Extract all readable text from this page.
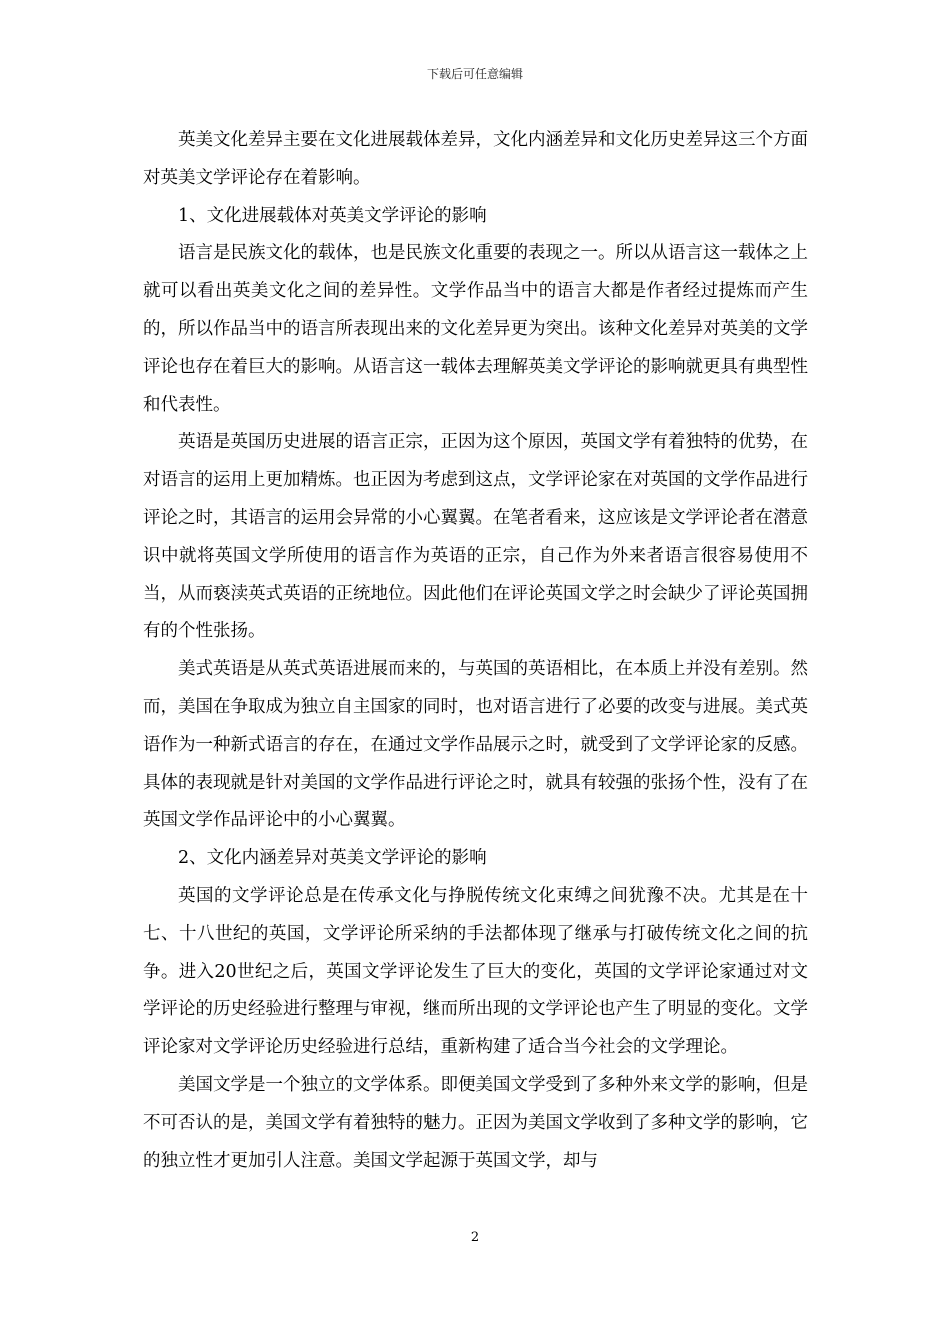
下载后可任意编辑

英美文化差异主要在文化进展载体差异，文化内涵差异和文化历史差异这三个方面对英美文学评论存在着影响。

1、文化进展载体对英美文学评论的影响

语言是民族文化的载体，也是民族文化重要的表现之一。所以从语言这一载体之上就可以看出英美文化之间的差异性。文学作品当中的语言大都是作者经过提炼而产生的，所以作品当中的语言所表现出来的文化差异更为突出。该种文化差异对英美的文学评论也存在着巨大的影响。从语言这一载体去理解英美文学评论的影响就更具有典型性和代表性。

英语是英国历史进展的语言正宗，正因为这个原因，英国文学有着独特的优势，在对语言的运用上更加精炼。也正因为考虑到这点，文学评论家在对英国的文学作品进行评论之时，其语言的运用会异常的小心翼翼。在笔者看来，这应该是文学评论者在潜意识中就将英国文学所使用的语言作为英语的正宗，自己作为外来者语言很容易使用不当，从而亵渎英式英语的正统地位。因此他们在评论英国文学之时会缺少了评论英国拥有的个性张扬。

美式英语是从英式英语进展而来的，与英国的英语相比，在本质上并没有差别。然而，美国在争取成为独立自主国家的同时，也对语言进行了必要的改变与进展。美式英语作为一种新式语言的存在，在通过文学作品展示之时，就受到了文学评论家的反感。具体的表现就是针对美国的文学作品进行评论之时，就具有较强的张扬个性，没有了在英国文学作品评论中的小心翼翼。

2、文化内涵差异对英美文学评论的影响

英国的文学评论总是在传承文化与挣脱传统文化束缚之间犹豫不决。尤其是在十七、十八世纪的英国，文学评论所采纳的手法都体现了继承与打破传统文化之间的抗争。进入20世纪之后，英国文学评论发生了巨大的变化，英国的文学评论家通过对文学评论的历史经验进行整理与审视，继而所出现的文学评论也产生了明显的变化。文学评论家对文学评论历史经验进行总结，重新构建了适合当今社会的文学理论。

美国文学是一个独立的文学体系。即便美国文学受到了多种外来文学的影响，但是不可否认的是，美国文学有着独特的魅力。正因为美国文学收到了多种文学的影响，它的独立性才更加引人注意。美国文学起源于英国文学，却与

2
